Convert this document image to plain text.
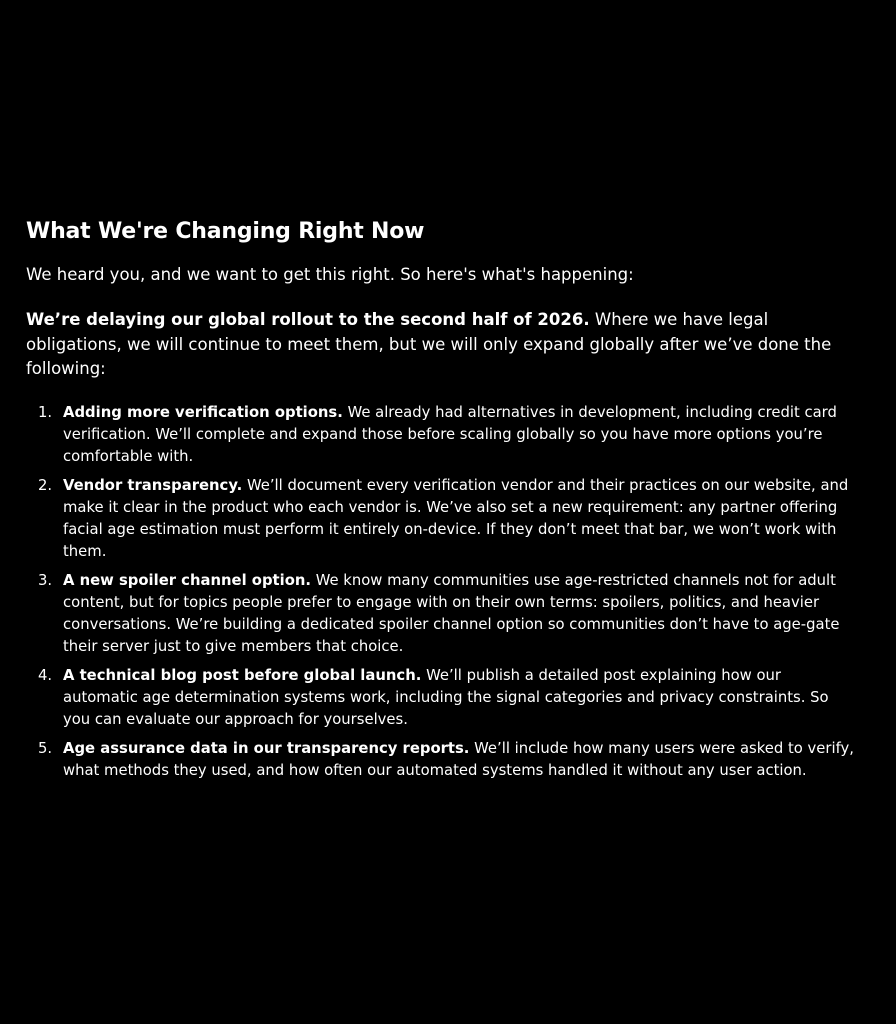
What We're Changing Right Now

We heard you, and we want to get this right. So here's what's happening:

We’re delaying our global rollout to the second half of 2026. Where we have legal obligations, we will continue to meet them, but we will only expand globally after we’ve done the following:

1. Adding more verification options. We already had alternatives in development, including credit card verification. We’ll complete and expand those before scaling globally so you have more options you’re comfortable with.
2. Vendor transparency. We’ll document every verification vendor and their practices on our website, and make it clear in the product who each vendor is. We’ve also set a new requirement: any partner offering facial age estimation must perform it entirely on-device. If they don’t meet that bar, we won’t work with them.
3. A new spoiler channel option. We know many communities use age-restricted channels not for adult content, but for topics people prefer to engage with on their own terms: spoilers, politics, and heavier conversations. We’re building a dedicated spoiler channel option so communities don’t have to age-gate their server just to give members that choice.
4. A technical blog post before global launch. We’ll publish a detailed post explaining how our automatic age determination systems work, including the signal categories and privacy constraints. So you can evaluate our approach for yourselves.
5. Age assurance data in our transparency reports. We’ll include how many users were asked to verify, what methods they used, and how often our automated systems handled it without any user action.
